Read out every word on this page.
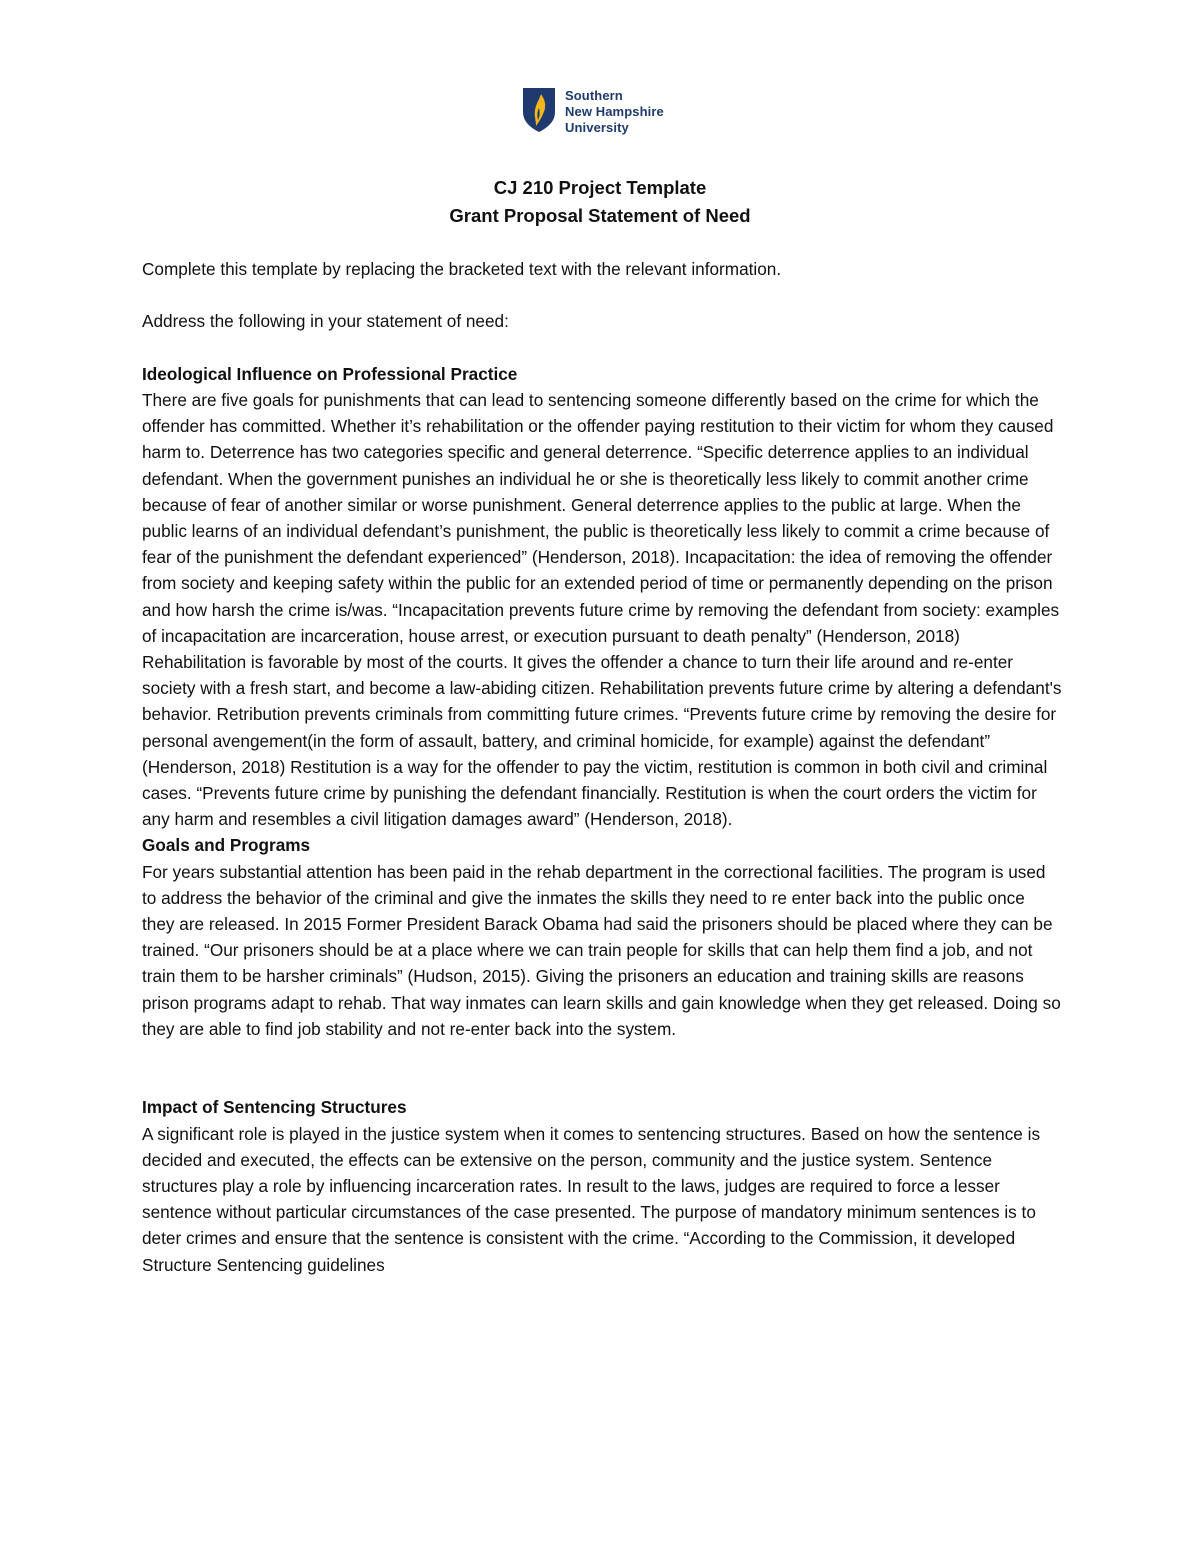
Southern
New Hampshire
University
CJ 210 Project Template
Grant Proposal Statement of Need

Complete this template by replacing the bracketed text with the relevant information.

Address the following in your statement of need:

Ideological Influence on Professional Practice

There are five goals for punishments that can lead to sentencing someone differently based on the crime for which the offender has committed. Whether it’s rehabilitation or the offender paying restitution to their victim for whom they caused harm to. Deterrence has two categories specific and general deterrence. “Specific deterrence applies to an individual defendant. When the government punishes an individual he or she is theoretically less likely to commit another crime because of fear of another similar or worse punishment. General deterrence applies to the public at large. When the public learns of an individual defendant’s punishment, the public is theoretically less likely to commit a crime because of fear of the punishment the defendant experienced” (Henderson, 2018). Incapacitation: the idea of removing the offender from society and keeping safety within the public for an extended period of time or permanently depending on the prison and how harsh the crime is/was. “Incapacitation prevents future crime by removing the defendant from society: examples of incapacitation are incarceration, house arrest, or execution pursuant to death penalty” (Henderson, 2018) Rehabilitation is favorable by most of the courts. It gives the offender a chance to turn their life around and re-enter society with a fresh start, and become a law-abiding citizen. Rehabilitation prevents future crime by altering a defendant's behavior. Retribution prevents criminals from committing future crimes. “Prevents future crime by removing the desire for personal avengement(in the form of assault, battery, and criminal homicide, for example) against the defendant” (Henderson, 2018) Restitution is a way for the offender to pay the victim, restitution is common in both civil and criminal cases. “Prevents future crime by punishing the defendant financially. Restitution is when the court orders the victim for any harm and resembles a civil litigation damages award” (Henderson, 2018).

Goals and Programs

For years substantial attention has been paid in the rehab department in the correctional facilities. The program is used to address the behavior of the criminal and give the inmates the skills they need to re enter back into the public once they are released. In 2015 Former President Barack Obama had said the prisoners should be placed where they can be trained. “Our prisoners should be at a place where we can train people for skills that can help them find a job, and not train them to be harsher criminals” (Hudson, 2015). Giving the prisoners an education and training skills are reasons prison programs adapt to rehab. That way inmates can learn skills and gain knowledge when they get released. Doing so they are able to find job stability and not re-enter back into the system.

Impact of Sentencing Structures

A significant role is played in the justice system when it comes to sentencing structures. Based on how the sentence is decided and executed, the effects can be extensive on the person, community and the justice system. Sentence structures play a role by influencing incarceration rates. In result to the laws, judges are required to force a lesser sentence without particular circumstances of the case presented. The purpose of mandatory minimum sentences is to deter crimes and ensure that the sentence is consistent with the crime. “According to the Commission, it developed Structure Sentencing guidelines
